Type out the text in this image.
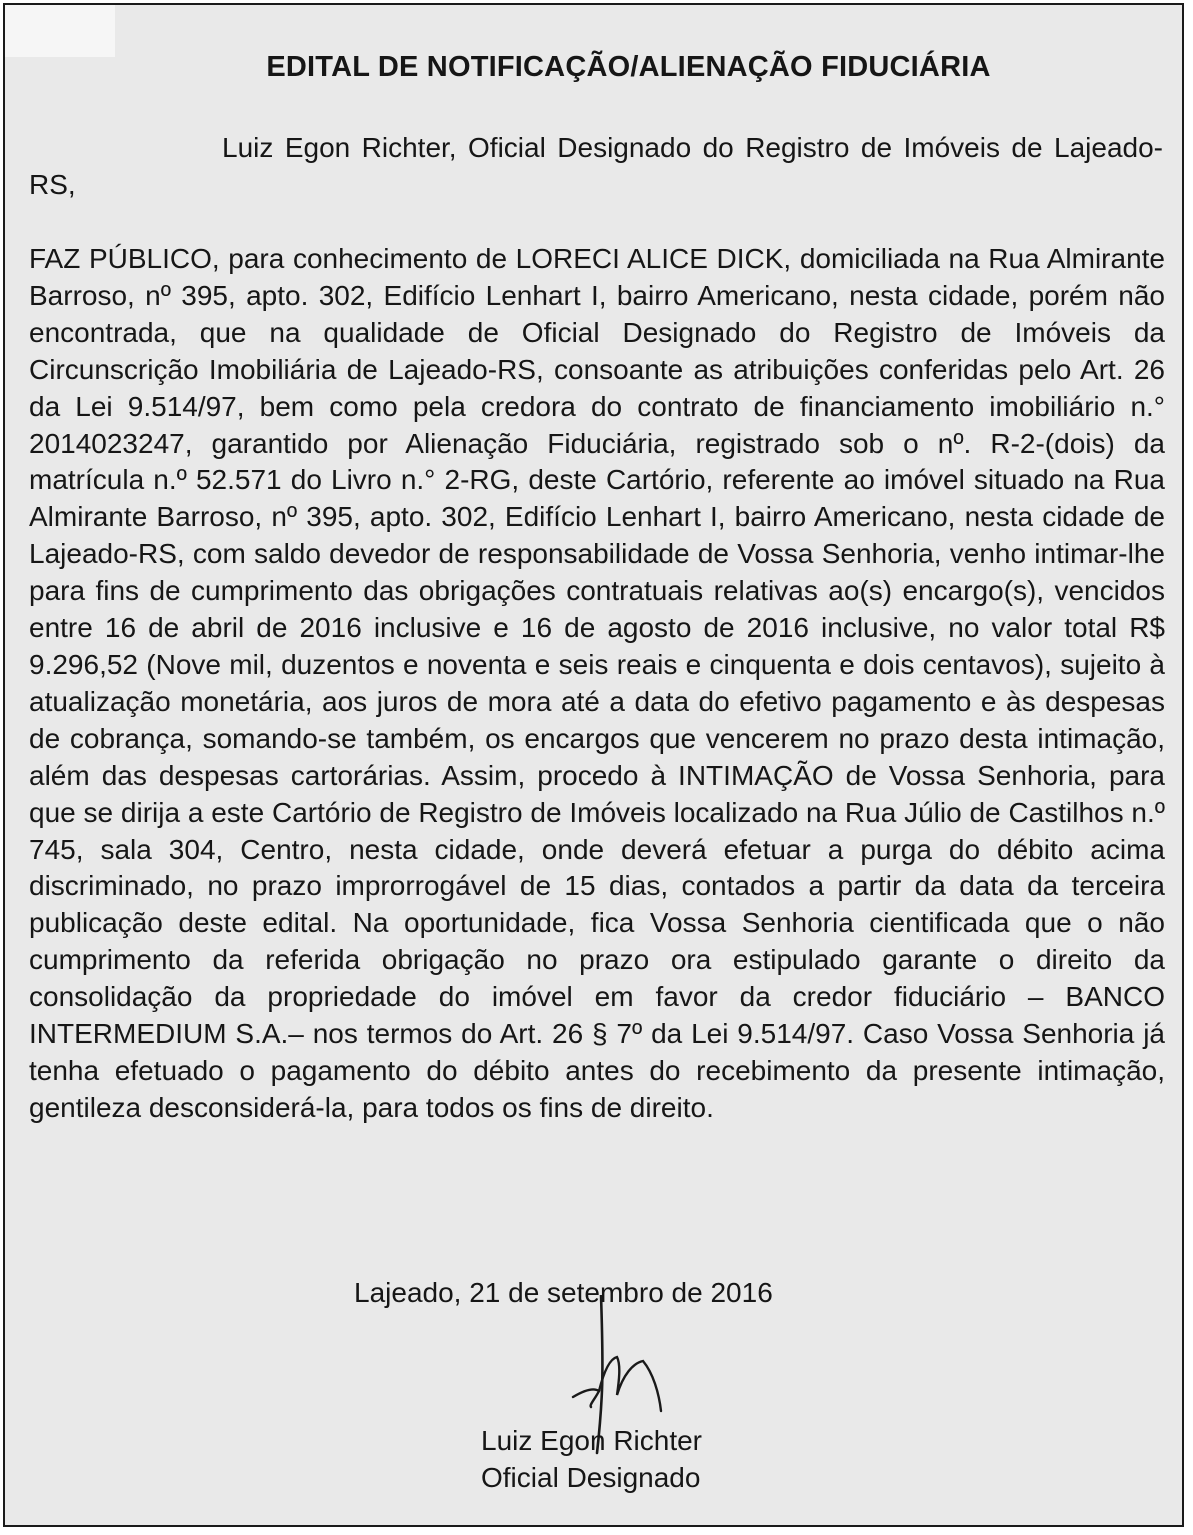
EDITAL DE NOTIFICAÇÃO/ALIENAÇÃO FIDUCIÁRIA
Luiz Egon Richter, Oficial Designado do Registro de Imóveis de Lajeado-RS,
FAZ PÚBLICO, para conhecimento de LORECI ALICE DICK, domiciliada na Rua Almirante Barroso, nº 395, apto. 302, Edifício Lenhart I, bairro Americano, nesta cidade, porém não encontrada, que na qualidade de Oficial Designado do Registro de Imóveis da Circunscrição Imobiliária de Lajeado-RS, consoante as atribuições conferidas pelo Art. 26 da Lei 9.514/97, bem como pela credora do contrato de financiamento imobiliário n.° 2014023247, garantido por Alienação Fiduciária, registrado sob o nº. R-2-(dois) da matrícula n.º 52.571 do Livro n.° 2-RG, deste Cartório, referente ao imóvel situado na Rua Almirante Barroso, nº 395, apto. 302, Edifício Lenhart I, bairro Americano, nesta cidade de Lajeado-RS, com saldo devedor de responsabilidade de Vossa Senhoria, venho intimar-lhe para fins de cumprimento das obrigações contratuais relativas ao(s) encargo(s), vencidos entre 16 de abril de 2016 inclusive e 16 de agosto de 2016 inclusive, no valor total R$ 9.296,52 (Nove mil, duzentos e noventa e seis reais e cinquenta e dois centavos), sujeito à atualização monetária, aos juros de mora até a data do efetivo pagamento e às despesas de cobrança, somando-se também, os encargos que vencerem no prazo desta intimação, além das despesas cartorárias. Assim, procedo à INTIMAÇÃO de Vossa Senhoria, para que se dirija a este Cartório de Registro de Imóveis localizado na Rua Júlio de Castilhos n.º 745, sala 304, Centro, nesta cidade, onde deverá efetuar a purga do débito acima discriminado, no prazo improrrogável de 15 dias, contados a partir da data da terceira publicação deste edital. Na oportunidade, fica Vossa Senhoria cientificada que o não cumprimento da referida obrigação no prazo ora estipulado garante o direito da consolidação da propriedade do imóvel em favor da credor fiduciário – BANCO INTERMEDIUM S.A.– nos termos do Art. 26 § 7º da Lei 9.514/97. Caso Vossa Senhoria já tenha efetuado o pagamento do débito antes do recebimento da presente intimação, gentileza desconsiderá-la, para todos os fins de direito.
Lajeado, 21 de setembro de 2016
Luiz Egon Richter
Oficial Designado
